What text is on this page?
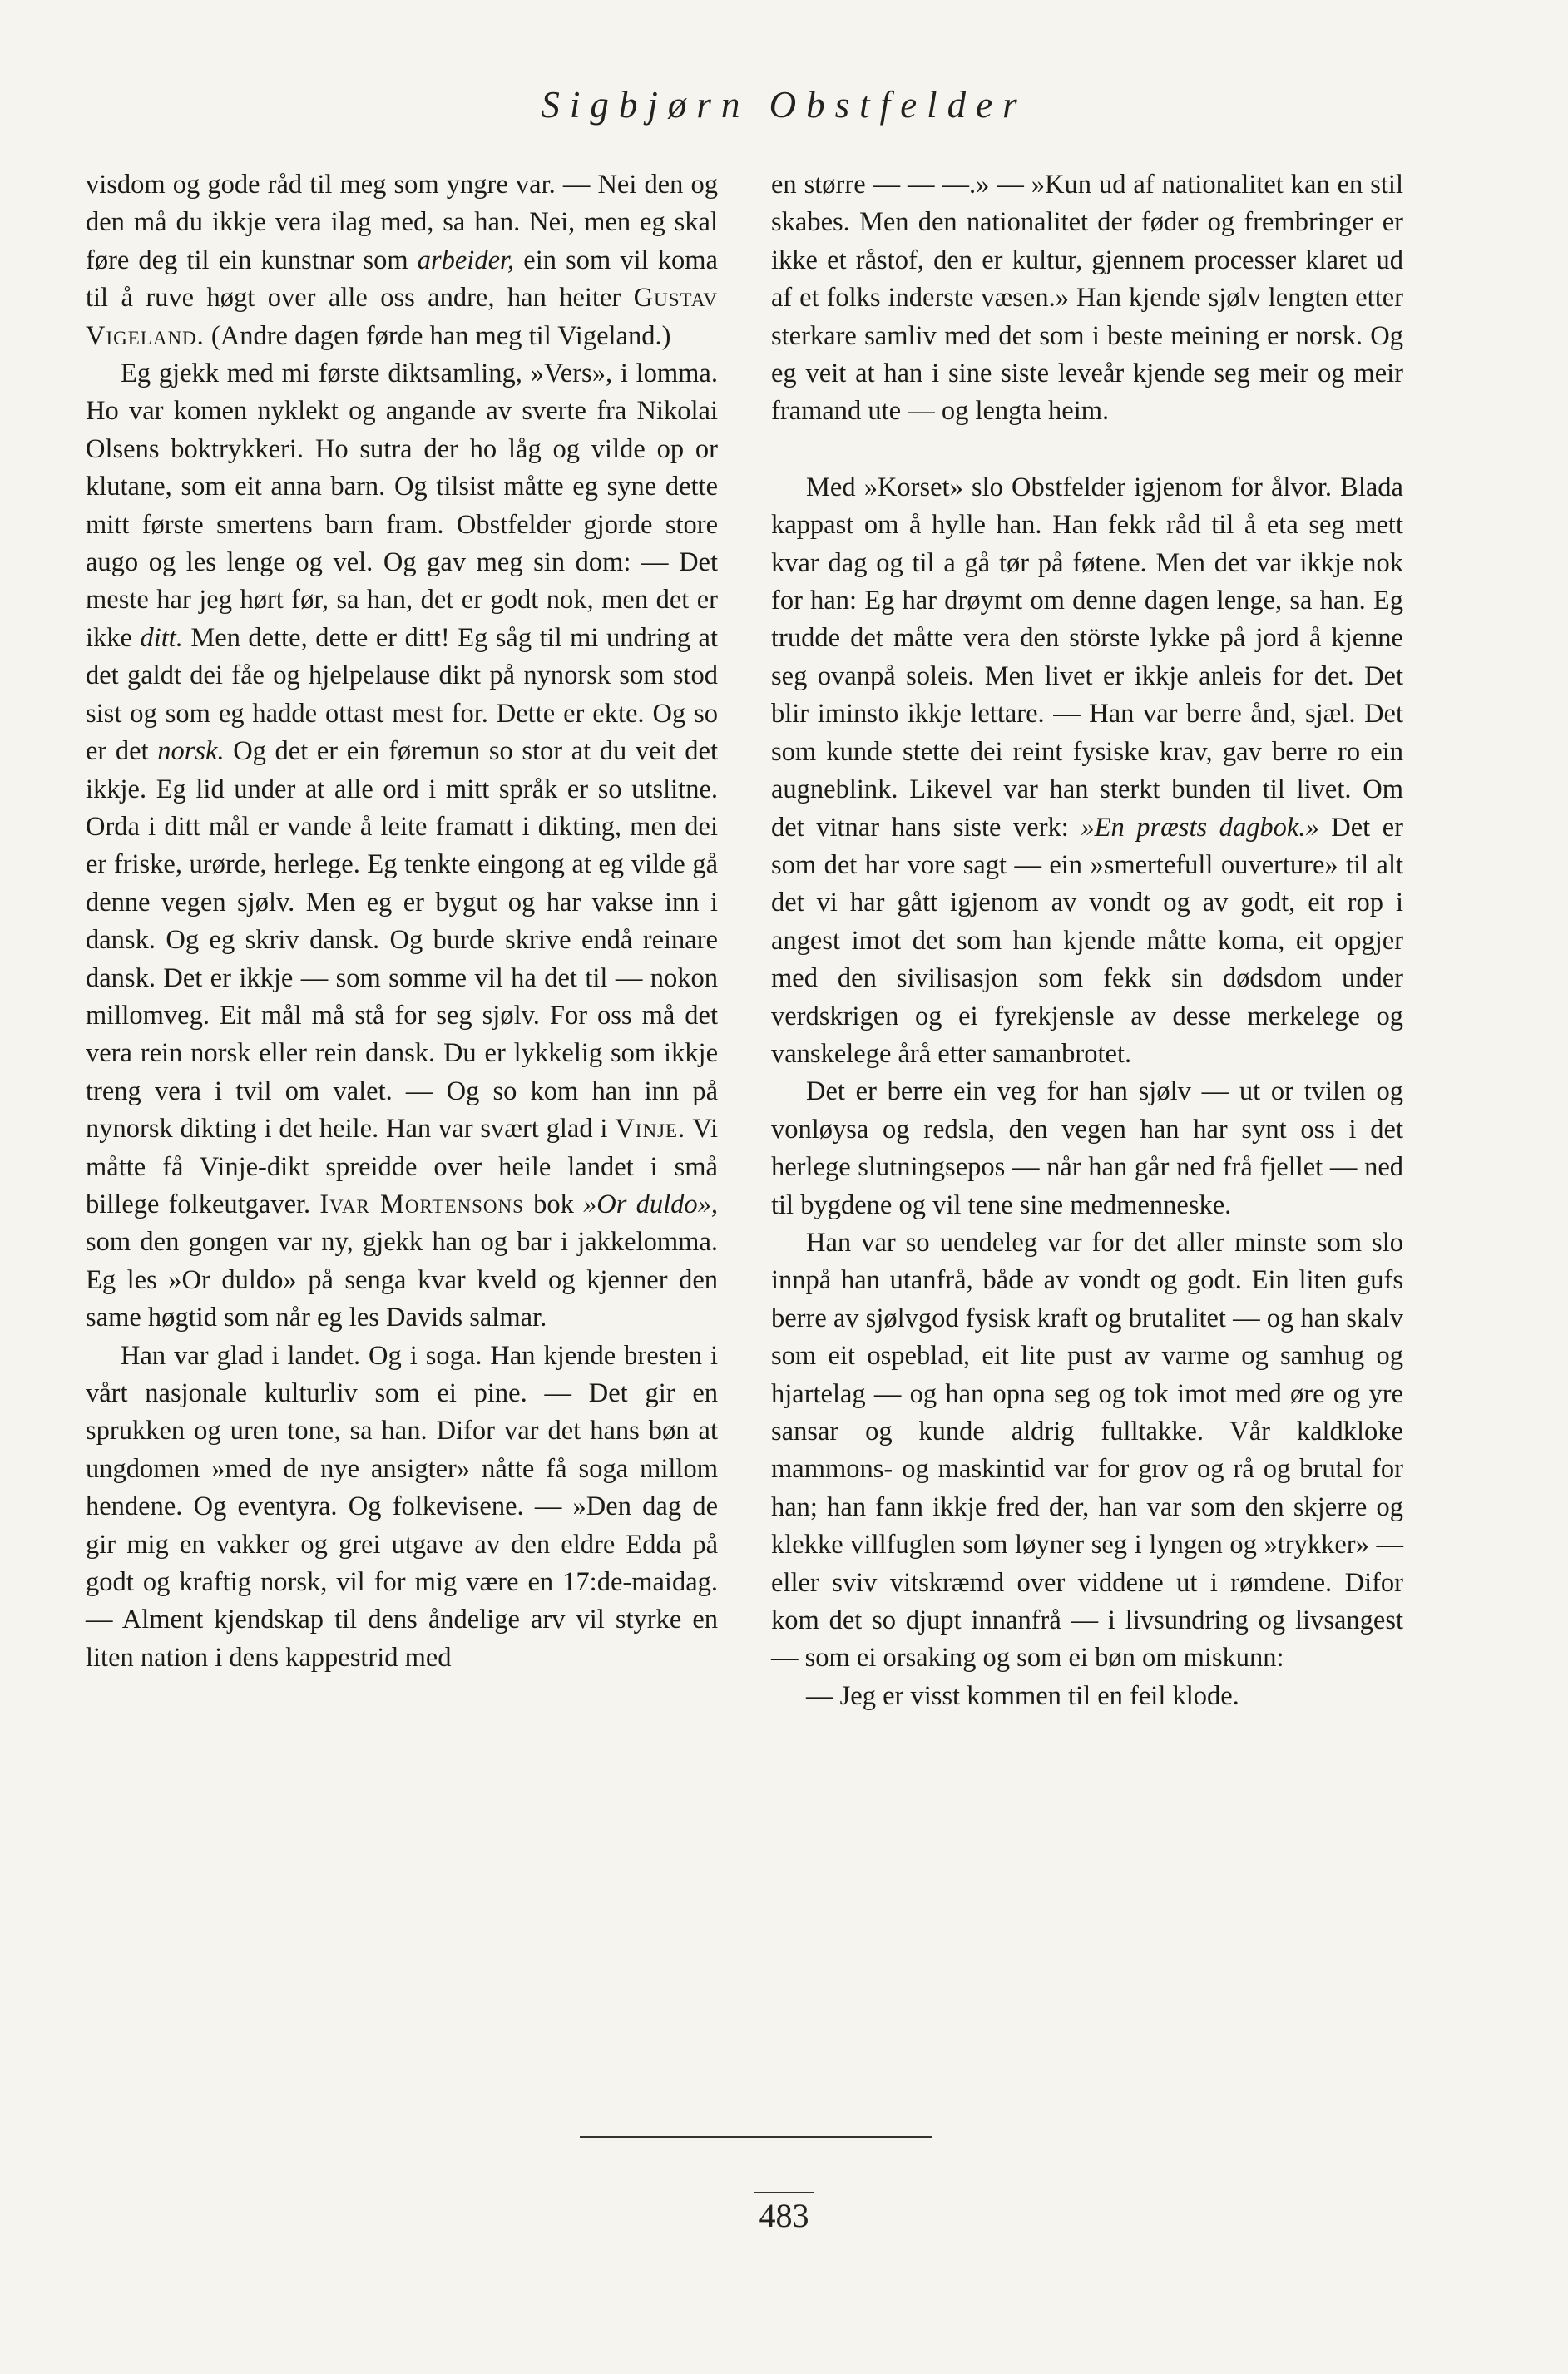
Sigbjørn Obstfelder

visdom og gode råd til meg som yngre var. — Nei den og den må du ikkje vera ilag med, sa han. Nei, men eg skal føre deg til ein kunstnar som arbeider, ein som vil koma til å ruve høgt over alle oss andre, han heiter Gustav Vigeland. (Andre dagen førde han meg til Vigeland.)

Eg gjekk med mi første diktsamling, »Vers», i lomma. Ho var komen nyklekt og angande av sverte fra Nikolai Olsens boktrykkeri. Ho sutra der ho låg og vilde op or klutane, som eit anna barn. Og tilsist måtte eg syne dette mitt første smertens barn fram. Obstfelder gjorde store augo og les lenge og vel. Og gav meg sin dom: — Det meste har jeg hørt før, sa han, det er godt nok, men det er ikke ditt. Men dette, dette er ditt! Eg såg til mi undring at det galdt dei fåe og hjelpelause dikt på nynorsk som stod sist og som eg hadde ottast mest for. Dette er ekte. Og so er det norsk. Og det er ein føremun so stor at du veit det ikkje. Eg lid under at alle ord i mitt språk er so utslitne. Orda i ditt mål er vande å leite framatt i dikting, men dei er friske, urørde, herlege. Eg tenkte eingong at eg vilde gå denne vegen sjølv. Men eg er bygut og har vakse inn i dansk. Og eg skriv dansk. Og burde skrive endå reinare dansk. Det er ikkje — som somme vil ha det til — nokon millomveg. Eit mål må stå for seg sjølv. For oss må det vera rein norsk eller rein dansk. Du er lykkelig som ikkje treng vera i tvil om valet. — Og so kom han inn på nynorsk dikting i det heile. Han var svært glad i Vinje. Vi måtte få Vinje-dikt spreidde over heile landet i små billege folkeutgaver. Ivar Mortensons bok »Or duldo», som den gongen var ny, gjekk han og bar i jakkelomma. Eg les »Or duldo» på senga kvar kveld og kjenner den same høgtid som når eg les Davids salmar.

Han var glad i landet. Og i soga. Han kjende bresten i vårt nasjonale kulturliv som ei pine. — Det gir en sprukken og uren tone, sa han. Difor var det hans bøn at ungdomen »med de nye ansigter» nåtte få soga millom hendene. Og eventyra. Og folkevisene. — »Den dag de gir mig en vakker og grei utgave av den eldre Edda på godt og kraftig norsk, vil for mig være en 17:de-maidag. — Alment kjendskap til dens åndelige arv vil styrke en liten nation i dens kappestrid med

en større — — —.» — »Kun ud af nationalitet kan en stil skabes. Men den nationalitet der føder og frembringer er ikke et råstof, den er kultur, gjennem processer klaret ud af et folks inderste væsen.» Han kjende sjølv lengten etter sterkare samliv med det som i beste meining er norsk. Og eg veit at han i sine siste leveår kjende seg meir og meir framand ute — og lengta heim.

Med »Korset» slo Obstfelder igjenom for ålvor. Blada kappast om å hylle han. Han fekk råd til å eta seg mett kvar dag og til a gå tør på føtene. Men det var ikkje nok for han: Eg har drøymt om denne dagen lenge, sa han. Eg trudde det måtte vera den störste lykke på jord å kjenne seg ovanpå soleis. Men livet er ikkje anleis for det. Det blir iminsto ikkje lettare. — Han var berre ånd, sjæl. Det som kunde stette dei reint fysiske krav, gav berre ro ein augneblink. Likevel var han sterkt bunden til livet. Om det vitnar hans siste verk: »En præsts dagbok.» Det er som det har vore sagt — ein »smertefull ouverture» til alt det vi har gått igjenom av vondt og av godt, eit rop i angest imot det som han kjende måtte koma, eit opgjer med den sivilisasjon som fekk sin dødsdom under verdskrigen og ei fyrekjensle av desse merkelege og vanskelege årå etter samanbrotet.

Det er berre ein veg for han sjølv — ut or tvilen og vonløysa og redsla, den vegen han har synt oss i det herlege slutningsepos — når han går ned frå fjellet — ned til bygdene og vil tene sine medmenneske.

Han var so uendeleg var for det aller minste som slo innpå han utanfrå, både av vondt og godt. Ein liten gufs berre av sjølvgod fysisk kraft og brutalitet — og han skalv som eit ospeblad, eit lite pust av varme og samhug og hjartelag — og han opna seg og tok imot med øre og yre sansar og kunde aldrig fulltakke. Vår kaldkloke mammons- og maskintid var for grov og rå og brutal for han; han fann ikkje fred der, han var som den skjerre og klekke villfuglen som løyner seg i lyngen og »trykker» — eller sviv vitskræmd over viddene ut i rømdene. Difor kom det so djupt innanfrå — i livsundring og livsangest — som ei orsaking og som ei bøn om miskunn:

— Jeg er visst kommen til en feil klode.

483
